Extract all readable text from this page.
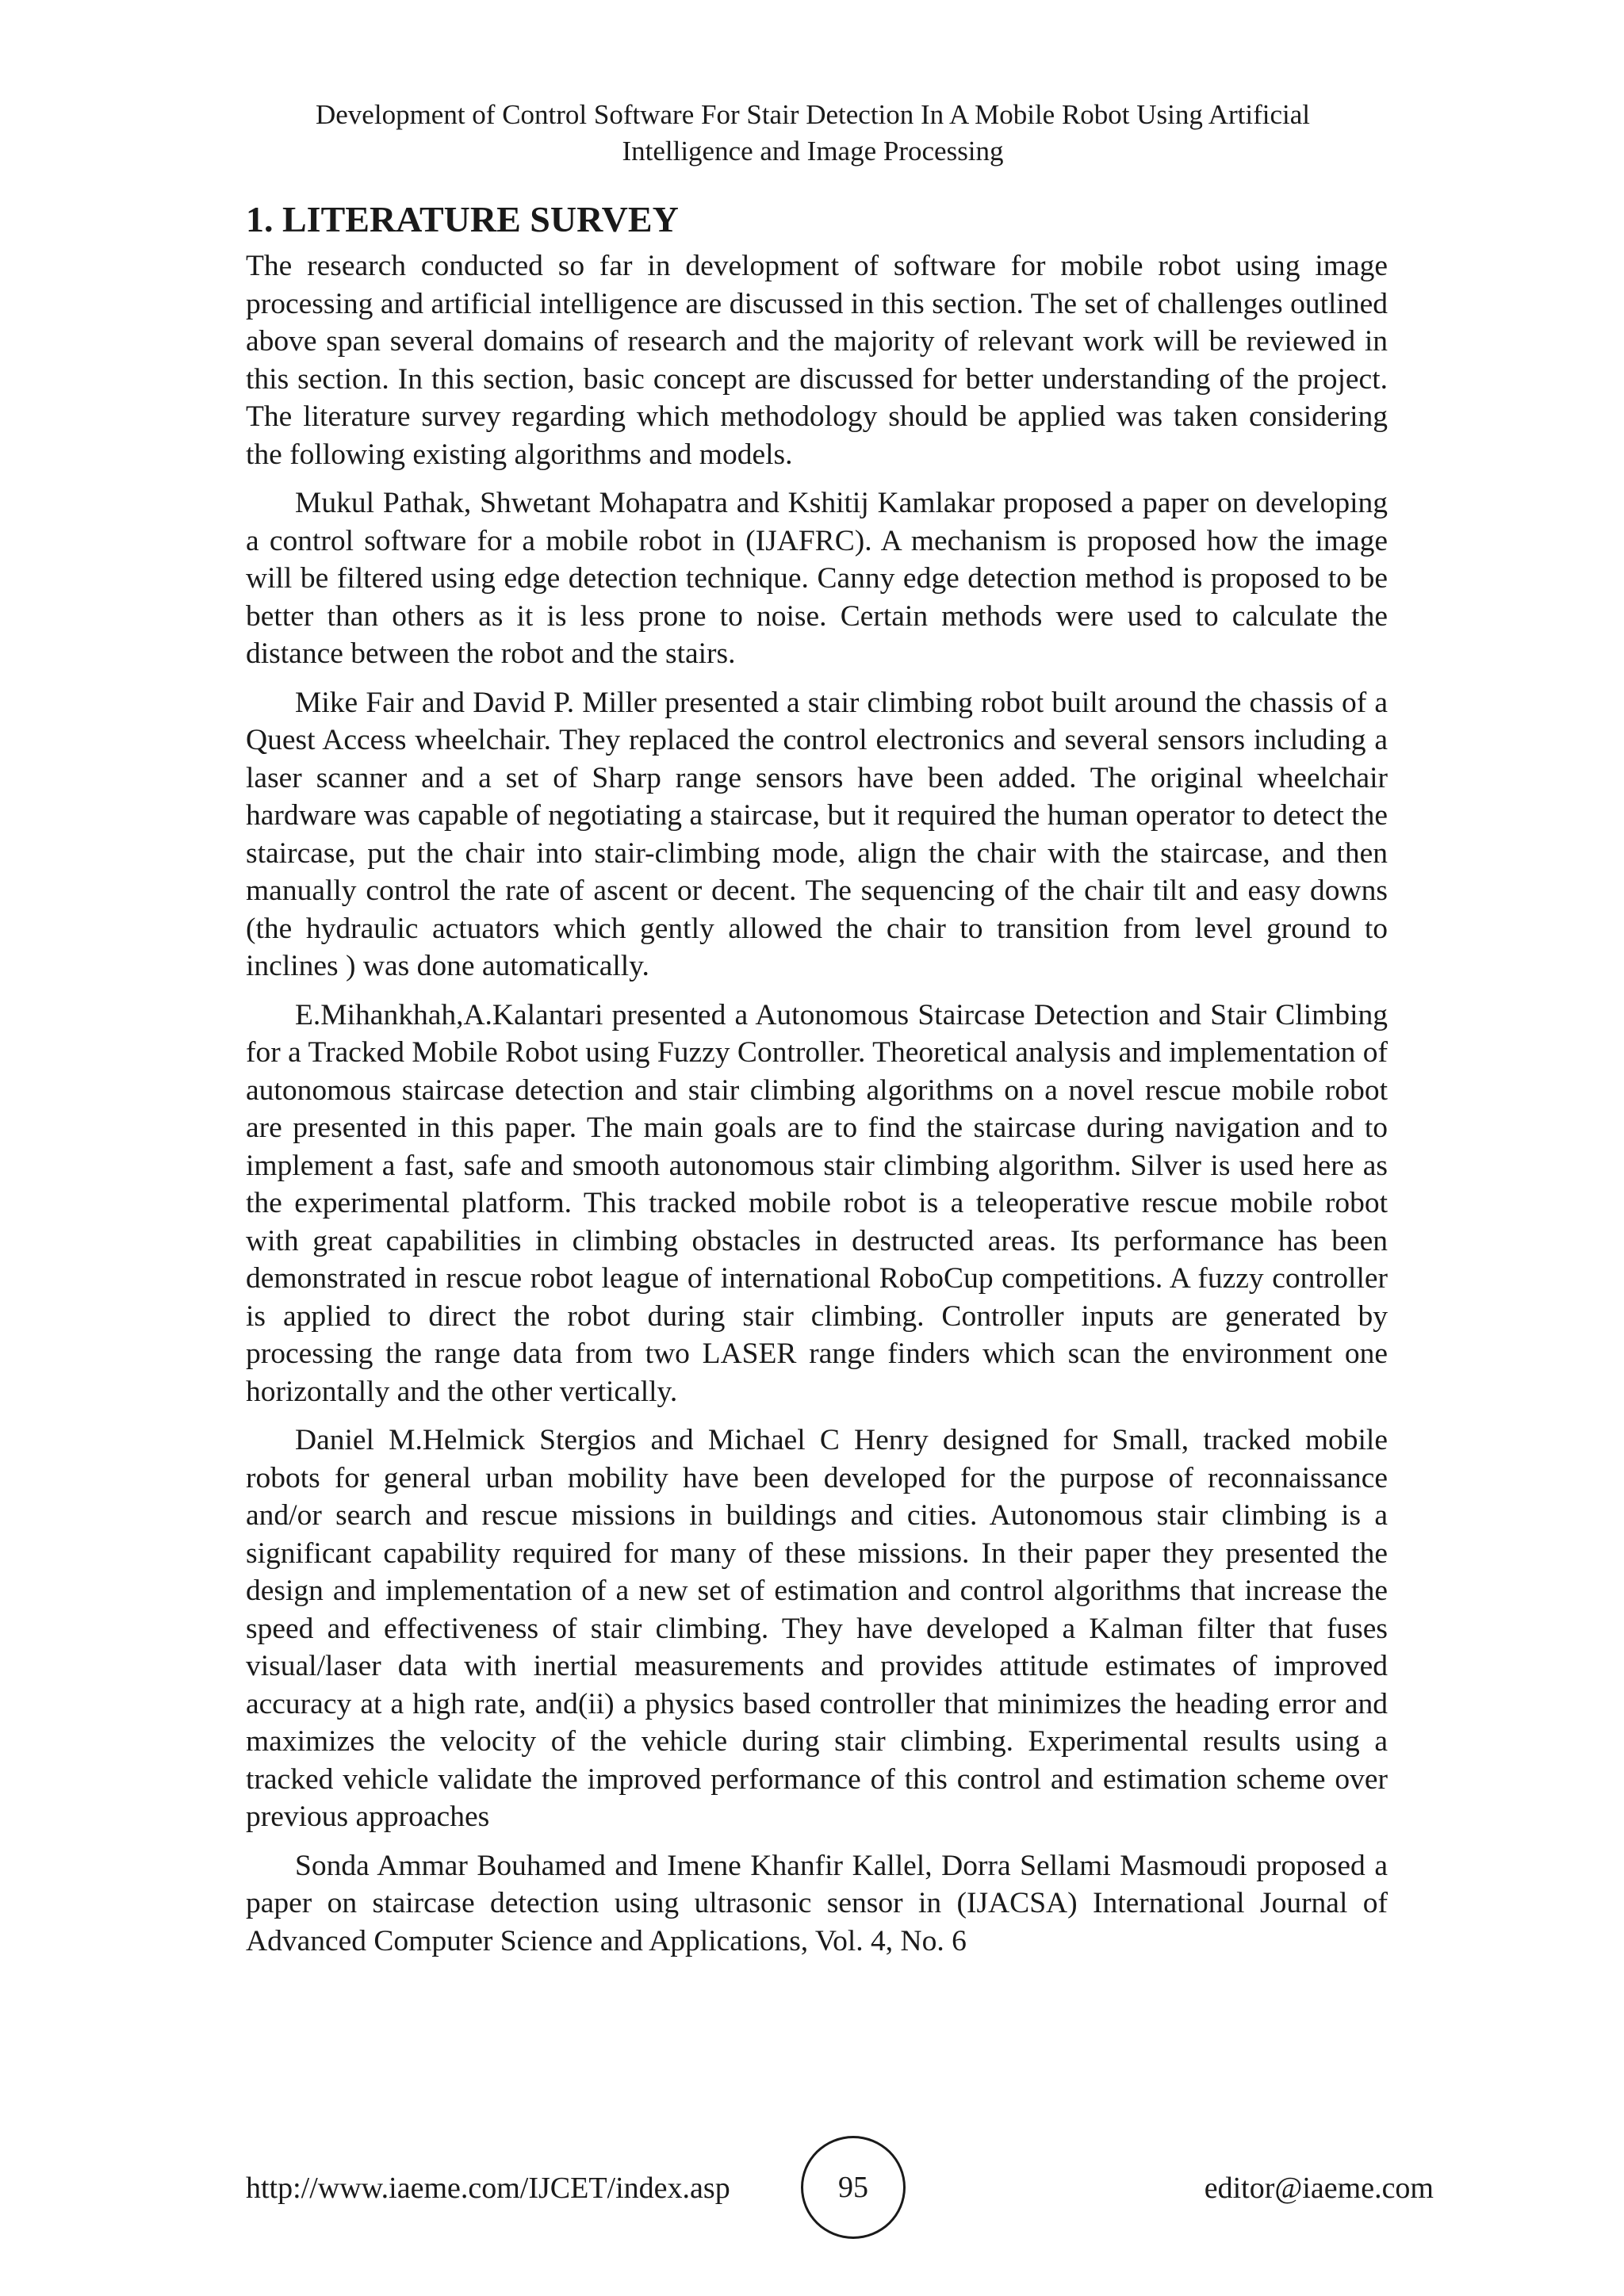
Development of Control Software For Stair Detection In A Mobile Robot Using Artificial
Intelligence and Image Processing
1. LITERATURE SURVEY

The research conducted so far in development of software for mobile robot using image processing and artificial intelligence are discussed in this section. The set of challenges outlined above span several domains of research and the majority of relevant work will be reviewed in this section. In this section, basic concept are discussed for better understanding of the project. The literature survey regarding which methodology should be applied was taken considering the following existing algorithms and models.

Mukul Pathak, Shwetant Mohapatra and Kshitij Kamlakar proposed a paper on developing a control software for a mobile robot in (IJAFRC). A mechanism is proposed how the image will be filtered using edge detection technique. Canny edge detection method is proposed to be better than others as it is less prone to noise. Certain methods were used to calculate the distance between the robot and the stairs.

Mike Fair and David P. Miller presented a stair climbing robot built around the chassis of a Quest Access wheelchair. They replaced the control electronics and several sensors including a laser scanner and a set of Sharp range sensors have been added. The original wheelchair hardware was capable of negotiating a staircase, but it required the human operator to detect the staircase, put the chair into stair-climbing mode, align the chair with the staircase, and then manually control the rate of ascent or decent. The sequencing of the chair tilt and easy downs (the hydraulic actuators which gently allowed the chair to transition from level ground to inclines ) was done automatically.

E.Mihankhah,A.Kalantari presented a Autonomous Staircase Detection and Stair Climbing for a Tracked Mobile Robot using Fuzzy Controller. Theoretical analysis and implementation of autonomous staircase detection and stair climbing algorithms on a novel rescue mobile robot are presented in this paper. The main goals are to find the staircase during navigation and to implement a fast, safe and smooth autonomous stair climbing algorithm. Silver is used here as the experimental platform. This tracked mobile robot is a teleoperative rescue mobile robot with great capabilities in climbing obstacles in destructed areas. Its performance has been demonstrated in rescue robot league of international RoboCup competitions. A fuzzy controller is applied to direct the robot during stair climbing. Controller inputs are generated by processing the range data from two LASER range finders which scan the environment one horizontally and the other vertically.

Daniel M.Helmick Stergios and Michael C Henry designed for Small, tracked mobile robots for general urban mobility have been developed for the purpose of reconnaissance and/or search and rescue missions in buildings and cities. Autonomous stair climbing is a significant capability required for many of these missions. In their paper they presented the design and implementation of a new set of estimation and control algorithms that increase the speed and effectiveness of stair climbing. They have developed a Kalman filter that fuses visual/laser data with inertial measurements and provides attitude estimates of improved accuracy at a high rate, and(ii) a physics based controller that minimizes the heading error and maximizes the velocity of the vehicle during stair climbing. Experimental results using a tracked vehicle validate the improved performance of this control and estimation scheme over previous approaches

Sonda Ammar Bouhamed and Imene Khanfir Kallel, Dorra Sellami Masmoudi proposed a paper on staircase detection using ultrasonic sensor in (IJACSA) International Journal of Advanced Computer Science and Applications, Vol. 4, No. 6

http://www.iaeme.com/IJCET/index.asp	95	editor@iaeme.com
